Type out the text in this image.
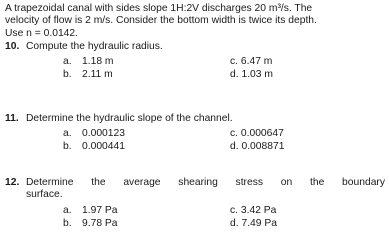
A trapezoidal canal with sides slope 1H:2V discharges 20 m³/s. The
velocity of flow is 2 m/s. Consider the bottom width is twice its depth.
Use n = 0.0142.
10. Compute the hydraulic radius.
a. 1.18 m	c. 6.47 m
b. 2.11 m	d. 1.03 m
11. Determine the hydraulic slope of the channel.
a. 0.000123	c. 0.000647
b. 0.000441	d. 0.008871
12. Determine the average shearing stress on the boundary
surface.
a. 1.97 Pa	c. 3.42 Pa
b. 9.78 Pa	d. 7.49 Pa
